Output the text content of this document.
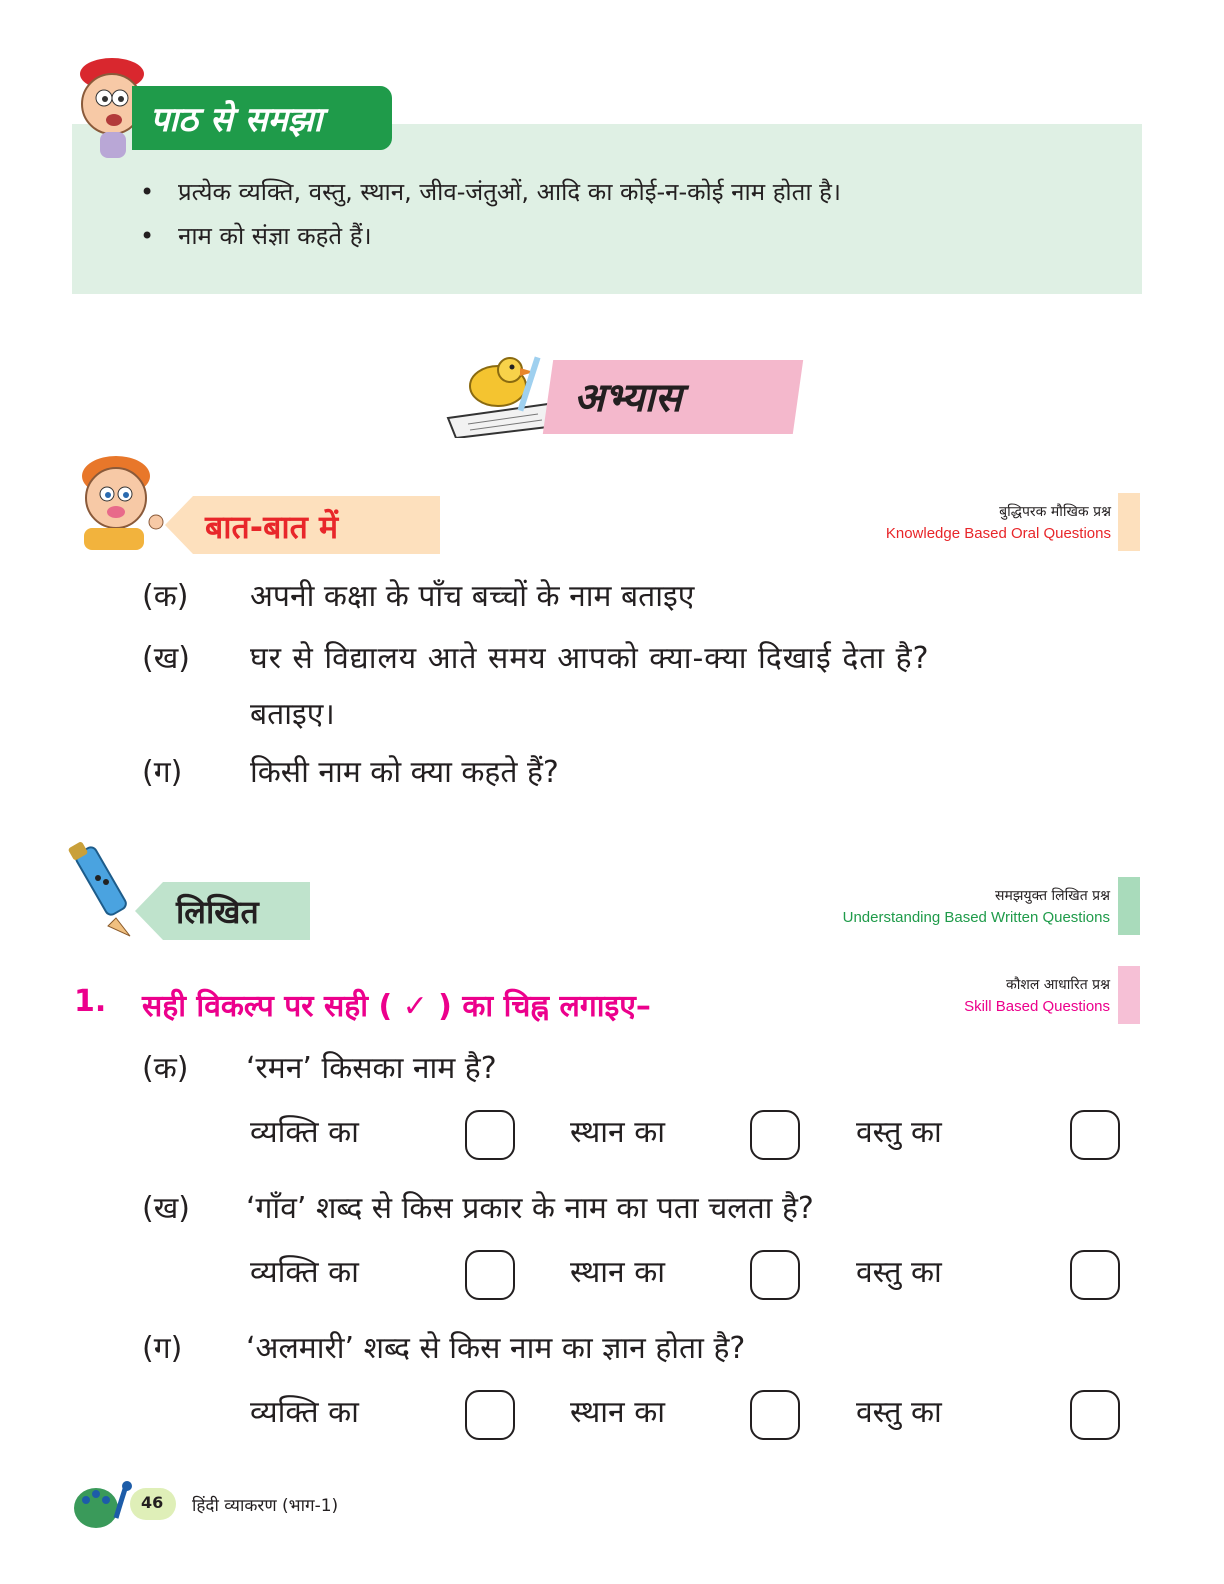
पाठ से समझा
• प्रत्येक व्यक्ति, वस्तु, स्थान, जीव-जंतुओं, आदि का कोई-न-कोई नाम होता है।
• नाम को संज्ञा कहते हैं।
अभ्यास
बात-बात में	बुद्धिपरक मौखिक प्रश्न
Knowledge Based Oral Questions
(क)	अपनी कक्षा के पाँच बच्चों के नाम बताइए
(ख)	घर से विद्यालय आते समय आपको क्या-क्या दिखाई देता है?
बताइए।
(ग)	किसी नाम को क्या कहते हैं?
लिखित	समझयुक्त लिखित प्रश्न
Understanding Based Written Questions
कौशल आधारित प्रश्न
Skill Based Questions
1. सही विकल्प पर सही ( ✓ ) का चिह्न लगाइए–
(क)	‘रमन’ किसका नाम है?
व्यक्ति का	स्थान का	वस्तु का
(ख)	‘गाँव’ शब्द से किस प्रकार के नाम का पता चलता है?
व्यक्ति का	स्थान का	वस्तु का
(ग)	‘अलमारी’ शब्द से किस नाम का ज्ञान होता है?
व्यक्ति का	स्थान का	वस्तु का
46 हिंदी व्याकरण (भाग-1)
